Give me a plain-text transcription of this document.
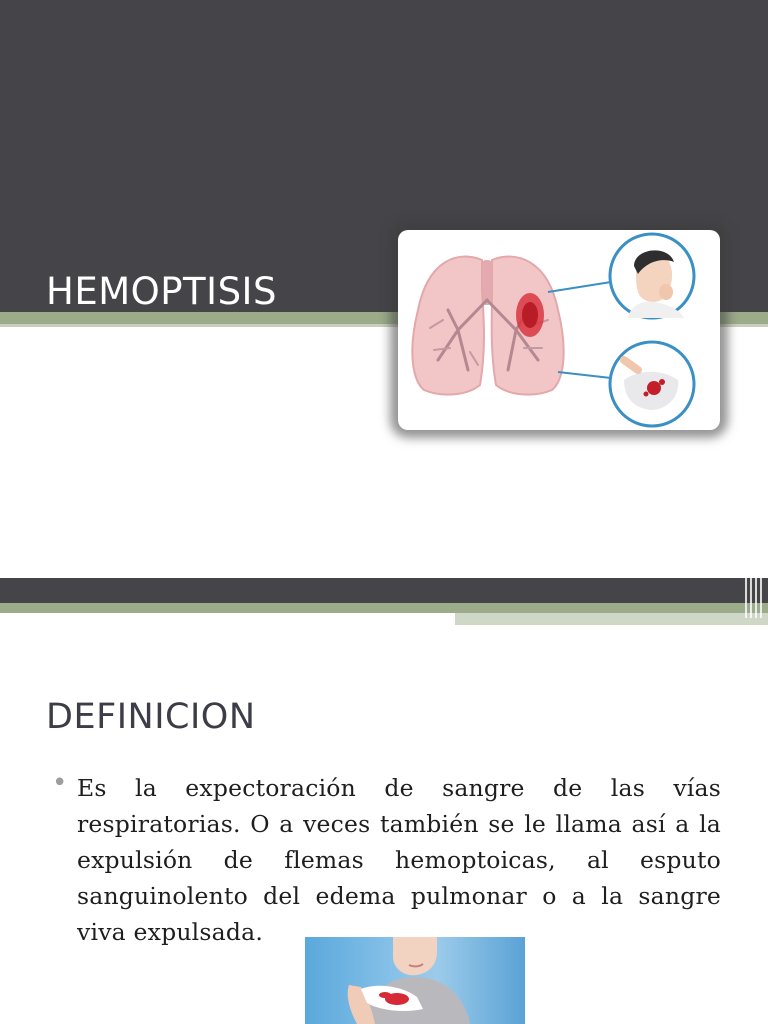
HEMOPTISIS
DEFINICION
• Es la expectoración de sangre de las vías respiratorias. O a veces también se le llama así a la expulsión de flemas hemoptoicas, al esputo sanguinolento del edema pulmonar o a la sangre viva expulsada.
